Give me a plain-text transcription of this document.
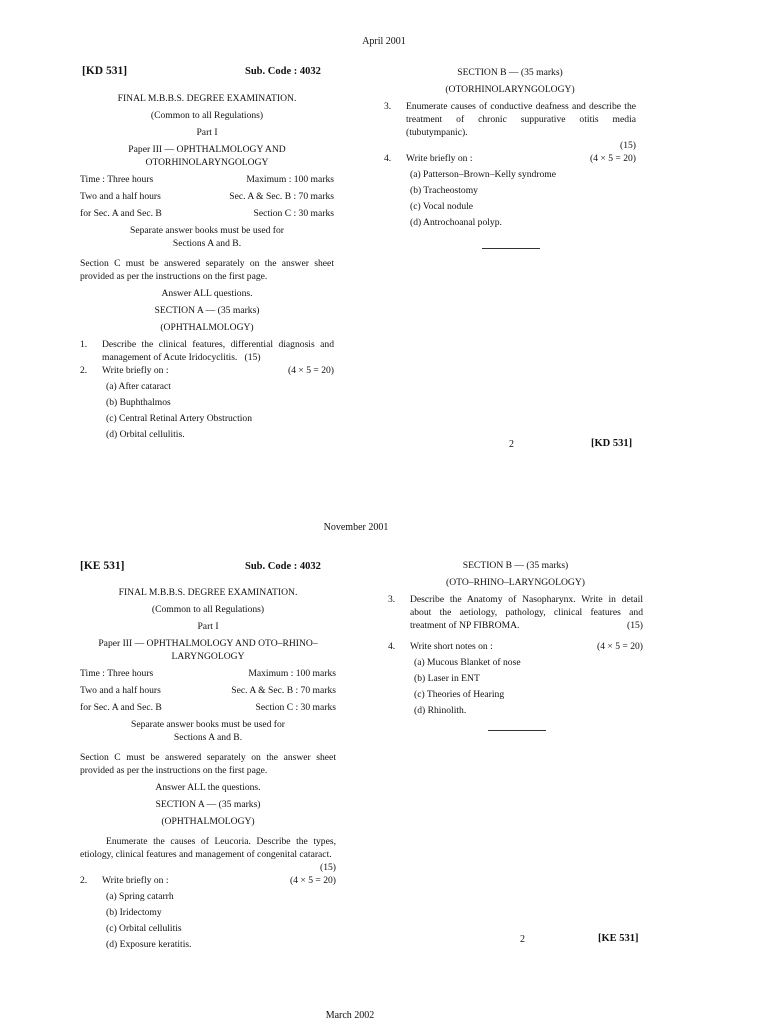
April 2001
[KD 531]	Sub. Code : 4032
FINAL M.B.B.S. DEGREE EXAMINATION.
(Common to all Regulations)
Part I
Paper III — OPHTHALMOLOGY AND
OTORHINOLARYNGOLOGY
Time : Three hours	Maximum : 100 marks
Two and a half hours	Sec. A & Sec. B : 70 marks
for Sec. A and Sec. B	Section C : 30 marks
Separate answer books must be used for Sections A and B.
Section C must be answered separately on the answer sheet provided as per the instructions on the first page.
Answer ALL questions.
SECTION A — (35 marks)
(OPHTHALMOLOGY)
1.	Describe the clinical features, differential diagnosis and management of Acute Iridocyclitis. (15)
2.	Write briefly on :	(4 × 5 = 20)
(a) After cataract
(b) Buphthalmos
(c) Central Retinal Artery Obstruction
(d) Orbital cellulitis.
SECTION B — (35 marks)
(OTORHINOLARYNGOLOGY)
3.	Enumerate causes of conductive deafness and describe the treatment of chronic suppurative otitis media (tubutympanic).
(15)
4.	Write briefly on :	(4 × 5 = 20)
(a) Patterson–Brown–Kelly syndrome
(b) Tracheostomy
(c) Vocal nodule
(d) Antrochoanal polyp.
2	[KD 531]
November 2001
[KE 531]	Sub. Code : 4032
FINAL M.B.B.S. DEGREE EXAMINATION.
(Common to all Regulations)
Part I
Paper III — OPHTHALMOLOGY AND OTO–RHINO–
LARYNGOLOGY
Time : Three hours	Maximum : 100 marks
Two and a half hours	Sec. A & Sec. B : 70 marks
for Sec. A and Sec. B	Section C : 30 marks
Separate answer books must be used for Sections A and B.
Section C must be answered separately on the answer sheet provided as per the instructions on the first page.
Answer ALL the questions.
SECTION A — (35 marks)
(OPHTHALMOLOGY)
Enumerate the causes of Leucoria. Describe the types, etiology, clinical features and management of congenital cataract.
(15)
2.	Write briefly on :	(4 × 5 = 20)
(a) Spring catarrh
(b) Iridectomy
(c) Orbital cellulitis
(d) Exposure keratitis.
SECTION B — (35 marks)
(OTO–RHINO–LARYNGOLOGY)
3.	Describe the Anatomy of Nasopharynx. Write in detail about the aetiology, pathology, clinical features and treatment of NP FIBROMA.	(15)
4.	Write short notes on :	(4 × 5 = 20)
(a) Mucous Blanket of nose
(b) Laser in ENT
(c) Theories of Hearing
(d) Rhinolith.
2	[KE 531]
March 2002
